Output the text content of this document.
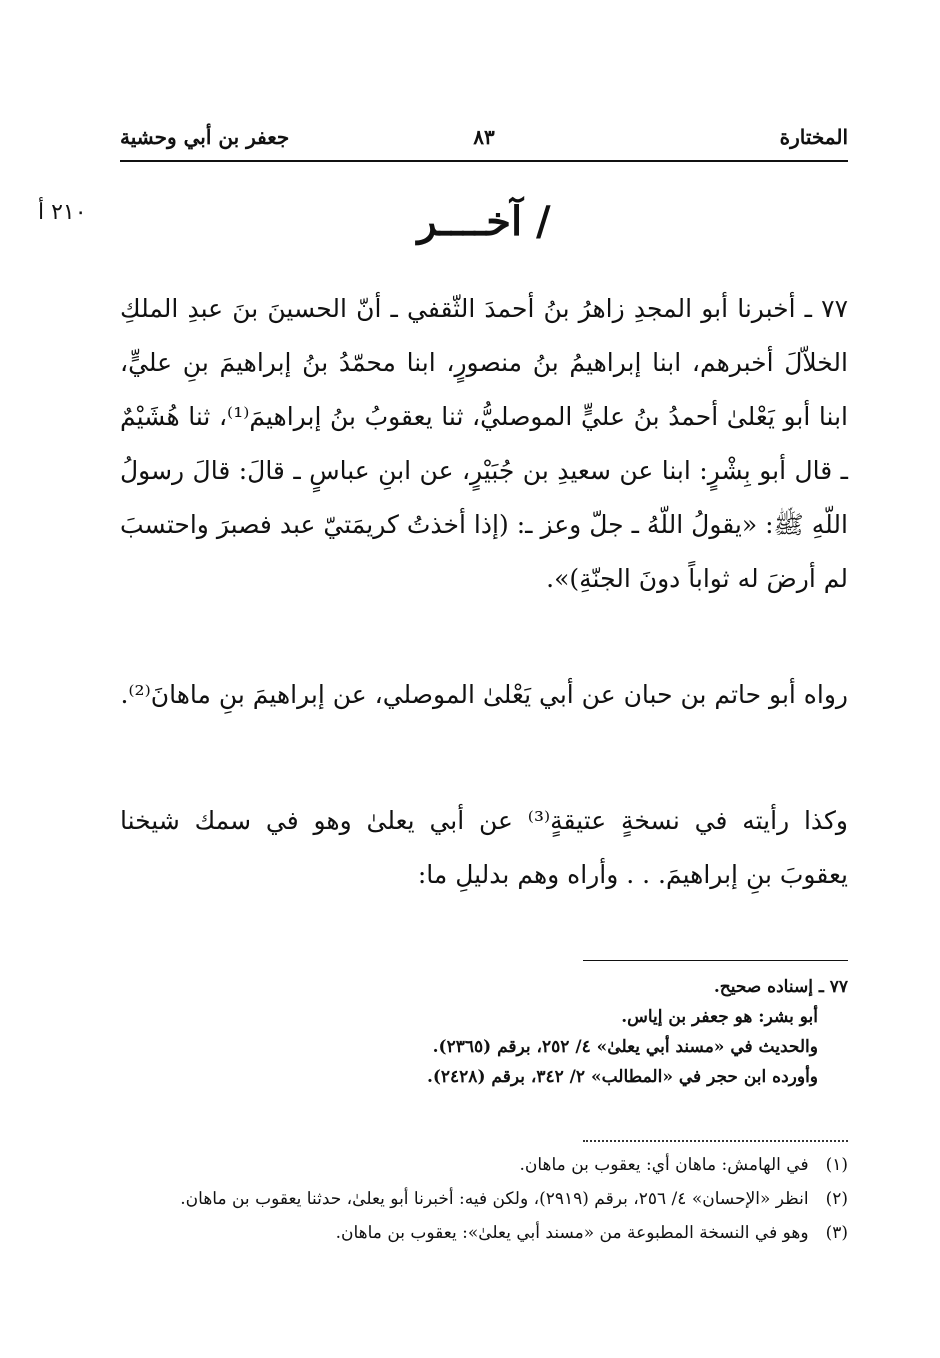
المختارة
٨٣
جعفر بن أبي وحشية
٢١٠ أ	/ آخــــر
٧٧ ـ أخبرنا أبو المجدِ زاهرُ بنُ أحمدَ الثّقفي ـ أنّ الحسينَ بنَ عبدِ الملكِ الخلاّلَ أخبرهم، ابنا إبراهيمُ بنُ منصورٍ، ابنا محمّدُ بنُ إبراهيمَ بنِ عليٍّ، ابنا أبو يَعْلىٰ أحمدُ بنُ عليٍّ الموصليُّ، ثنا يعقوبُ بنُ إبراهيمَ⁽¹⁾، ثنا هُشَيْمٌ ـ قال أبو بِشْرٍ: ابنا عن سعيدِ بن جُبَيْرٍ، عن ابنِ عباسٍ ـ قالَ: قالَ رسولُ اللّهِ ﷺ: «يقولُ اللّهُ ـ جلّ وعز ـ: (إذا أخذتُ كريمَتيّ عبد فصبرَ واحتسبَ لم أرضَ له ثواباً دونَ الجنّةِ)».
رواه أبو حاتم بن حبان عن أبي يَعْلىٰ الموصلي، عن إبراهيمَ بنِ ماهانَ⁽²⁾.
وكذا رأيته في نسخةٍ عتيقةٍ⁽³⁾ عن أبي يعلىٰ وهو في سمك شيخنا يعقوبَ بنِ إبراهيمَ. . . وأراه وهم بدليلِ ما:
٧٧ ـ إسناده صحيح.
أبو بشر: هو جعفر بن إياس.
والحديث في «مسند أبي يعلىٰ» ٤/ ٢٥٢، برقم (٢٣٦٥).
وأورده ابن حجر في «المطالب» ٢/ ٣٤٢، برقم (٢٤٢٨).
(١) في الهامش: ماهان أي: يعقوب بن ماهان.
(٢) انظر «الإحسان» ٤/ ٢٥٦، برقم (٢٩١٩)، ولكن فيه: أخبرنا أبو يعلىٰ، حدثنا يعقوب بن ماهان.
(٣) وهو في النسخة المطبوعة من «مسند أبي يعلىٰ»: يعقوب بن ماهان.
